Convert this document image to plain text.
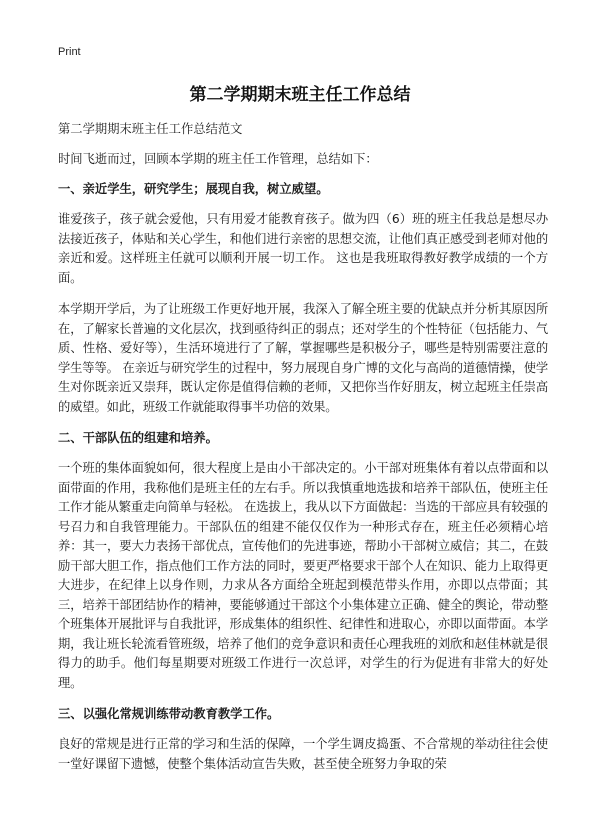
Print
第二学期期末班主任工作总结

第二学期期末班主任工作总结范文

时间飞逝而过，回顾本学期的班主任工作管理，总结如下：

一、亲近学生，研究学生；展现自我，树立威望。

谁爱孩子，孩子就会爱他，只有用爱才能教育孩子。做为四（6）班的班主任我总是想尽办法接近孩子，体贴和关心学生，和他们进行亲密的思想交流，让他们真正感受到老师对他的亲近和爱。这样班主任就可以顺利开展一切工作。 这也是我班取得教好教学成绩的一个方面。

本学期开学后，为了让班级工作更好地开展，我深入了解全班主要的优缺点并分析其原因所在，了解家长普遍的文化层次，找到亟待纠正的弱点；还对学生的个性特征（包括能力、气质、性格、爱好等），生活环境进行了了解，掌握哪些是积极分子，哪些是特别需要注意的学生等等。 在亲近与研究学生的过程中，努力展现自身广博的文化与高尚的道德情操，使学生对你既亲近又崇拜，既认定你是值得信赖的老师，又把你当作好朋友，树立起班主任崇高的威望。如此，班级工作就能取得事半功倍的效果。

二、干部队伍的组建和培养。

一个班的集体面貌如何，很大程度上是由小干部决定的。小干部对班集体有着以点带面和以面带面的作用，我称他们是班主任的左右手。所以我慎重地选拔和培养干部队伍，使班主任工作才能从繁重走向简单与轻松。 在选拔上，我从以下方面做起：当选的干部应具有较强的号召力和自我管理能力。干部队伍的组建不能仅仅作为一种形式存在，班主任必须精心培养：其一，要大力表扬干部优点，宣传他们的先进事迹，帮助小干部树立威信；其二，在鼓励干部大胆工作，指点他们工作方法的同时，要更严格要求干部个人在知识、能力上取得更大进步，在纪律上以身作则，力求从各方面给全班起到模范带头作用，亦即以点带面；其三，培养干部团结协作的精神，要能够通过干部这个小集体建立正确、健全的舆论，带动整个班集体开展批评与自我批评，形成集体的组织性、纪律性和进取心，亦即以面带面。本学期，我让班长轮流看管班级，培养了他们的竞争意识和责任心理我班的刘欣和赵佳林就是很得力的助手。他们每星期要对班级工作进行一次总评，对学生的行为促进有非常大的好处理。

三、以强化常规训练带动教育教学工作。

良好的常规是进行正常的学习和生活的保障，一个学生调皮捣蛋、不合常规的举动往往会使一堂好课留下遗憾，使整个集体活动宣告失败，甚至使全班努力争取的荣
